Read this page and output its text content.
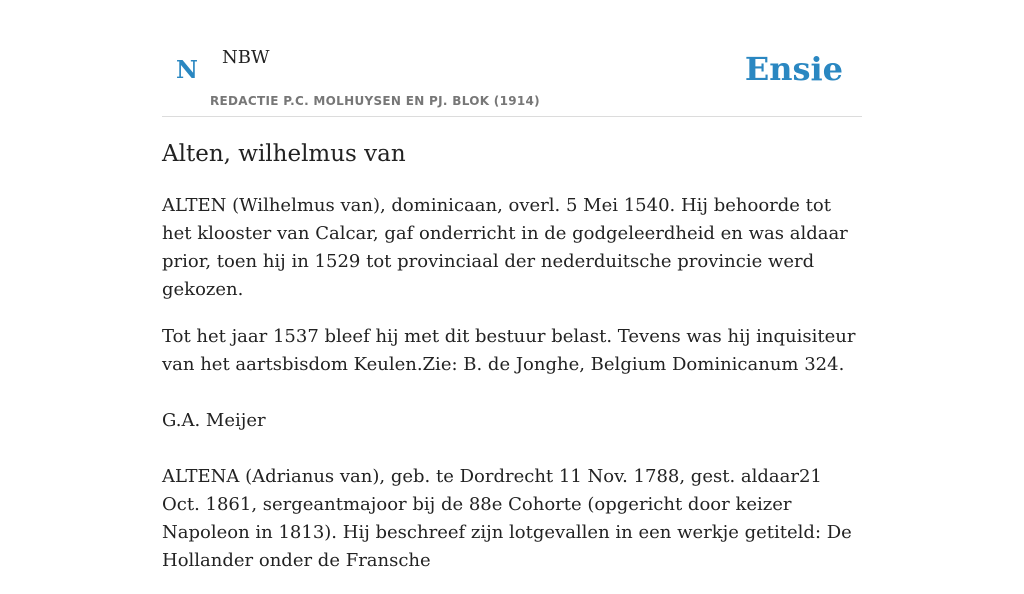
N NBW
REDACTIE P.C. MOLHUYSEN EN PJ. BLOK (1914)
Ensie
Alten, wilhelmus van

ALTEN (Wilhelmus van), dominicaan, overl. 5 Mei 1540. Hij behoorde tot het klooster van Calcar, gaf onderricht in de godgeleerdheid en was aldaar prior, toen hij in 1529 tot provinciaal der nederduitsche provincie werd gekozen.

Tot het jaar 1537 bleef hij met dit bestuur belast. Tevens was hij inquisiteur van het aartsbisdom Keulen.Zie: B. de Jonghe, Belgium Dominicanum 324.

G.A. Meijer

ALTENA (Adrianus van), geb. te Dordrecht 11 Nov. 1788, gest. aldaar21 Oct. 1861, sergeantmajoor bij de 88e Cohorte (opgericht door keizer Napoleon in 1813). Hij beschreef zijn lotgevallen in een werkje getiteld: De Hollander onder de Fransche
